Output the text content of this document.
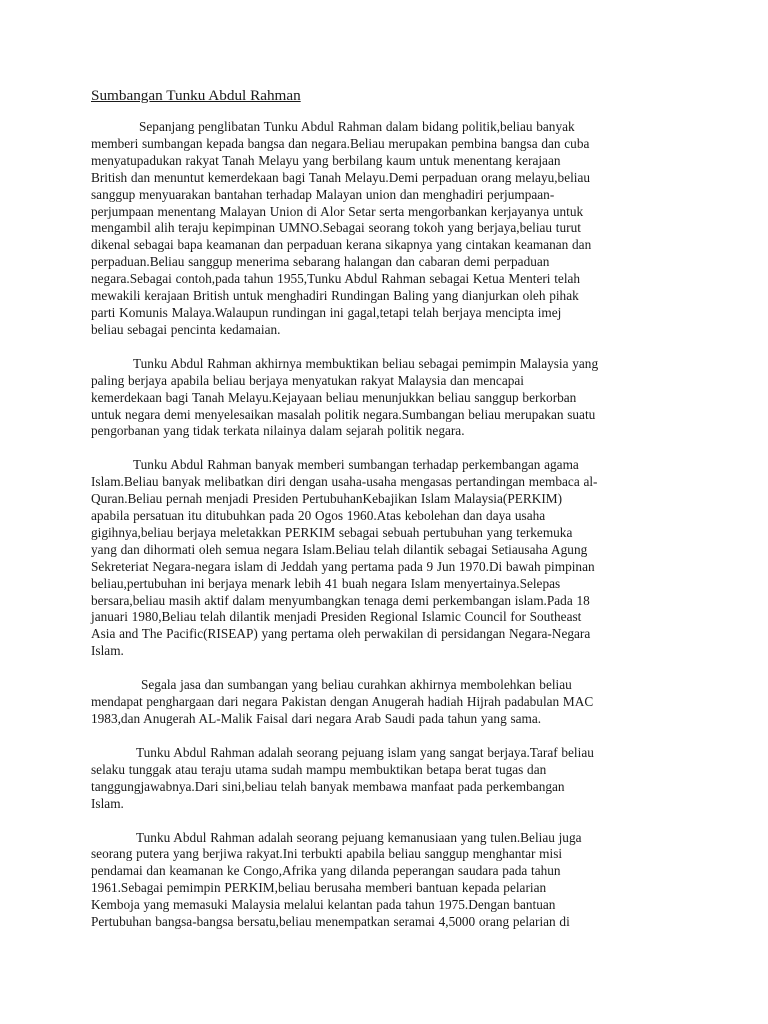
Sumbangan Tunku Abdul Rahman
Sepanjang penglibatan Tunku Abdul Rahman dalam bidang politik,beliau banyak
memberi sumbangan kepada bangsa dan negara.Beliau merupakan pembina bangsa dan cuba
menyatupadukan rakyat Tanah Melayu yang berbilang kaum untuk menentang kerajaan
British dan menuntut kemerdekaan bagi Tanah Melayu.Demi perpaduan orang melayu,beliau
sanggup menyuarakan bantahan terhadap Malayan union dan menghadiri perjumpaan-
perjumpaan menentang Malayan Union di Alor Setar serta mengorbankan kerjayanya untuk
mengambil alih teraju kepimpinan UMNO.Sebagai seorang tokoh yang berjaya,beliau turut
dikenal sebagai bapa keamanan dan perpaduan kerana sikapnya yang cintakan keamanan dan
perpaduan.Beliau sanggup menerima sebarang halangan dan cabaran demi perpaduan
negara.Sebagai contoh,pada tahun 1955,Tunku Abdul Rahman sebagai Ketua Menteri telah
mewakili kerajaan British untuk menghadiri Rundingan Baling yang dianjurkan oleh pihak
parti Komunis Malaya.Walaupun rundingan ini gagal,tetapi telah berjaya mencipta imej
beliau sebagai pencinta kedamaian.
Tunku Abdul Rahman akhirnya membuktikan beliau sebagai pemimpin Malaysia yang
paling berjaya apabila beliau berjaya menyatukan rakyat Malaysia dan mencapai
kemerdekaan bagi Tanah Melayu.Kejayaan beliau menunjukkan beliau sanggup berkorban
untuk negara demi menyelesaikan masalah politik negara.Sumbangan beliau merupakan suatu
pengorbanan yang tidak terkata nilainya dalam sejarah politik negara.
Tunku Abdul Rahman banyak memberi sumbangan terhadap perkembangan agama
Islam.Beliau banyak melibatkan diri dengan usaha-usaha mengasas pertandingan membaca al-
Quran.Beliau pernah menjadi Presiden PertubuhanKebajikan Islam Malaysia(PERKIM)
apabila persatuan itu ditubuhkan pada 20 Ogos 1960.Atas kebolehan dan daya usaha
gigihnya,beliau berjaya meletakkan PERKIM sebagai sebuah pertubuhan yang terkemuka
yang dan dihormati oleh semua negara Islam.Beliau telah dilantik sebagai Setiausaha Agung
Sekreteriat Negara-negara islam di Jeddah yang pertama pada 9 Jun 1970.Di bawah pimpinan
beliau,pertubuhan ini berjaya menark lebih 41 buah negara Islam menyertainya.Selepas
bersara,beliau masih aktif dalam menyumbangkan tenaga demi perkembangan islam.Pada 18
januari 1980,Beliau telah dilantik menjadi Presiden Regional Islamic Council for Southeast
Asia and The Pacific(RISEAP) yang pertama oleh perwakilan di persidangan Negara-Negara
Islam.
Segala jasa dan sumbangan yang beliau curahkan akhirnya membolehkan beliau
mendapat penghargaan dari negara Pakistan dengan Anugerah hadiah Hijrah padabulan MAC
1983,dan Anugerah AL-Malik Faisal dari negara Arab Saudi pada tahun yang sama.
Tunku Abdul Rahman adalah seorang pejuang islam yang sangat berjaya.Taraf beliau
selaku tunggak atau teraju utama sudah mampu membuktikan betapa berat tugas dan
tanggungjawabnya.Dari sini,beliau telah banyak membawa manfaat pada perkembangan
Islam.
Tunku Abdul Rahman adalah seorang pejuang kemanusiaan yang tulen.Beliau juga
seorang putera yang berjiwa rakyat.Ini terbukti apabila beliau sanggup menghantar misi
pendamai dan keamanan ke Congo,Afrika yang dilanda peperangan saudara pada tahun
1961.Sebagai pemimpin PERKIM,beliau berusaha memberi bantuan kepada pelarian
Kemboja yang memasuki Malaysia melalui kelantan pada tahun 1975.Dengan bantuan
Pertubuhan bangsa-bangsa bersatu,beliau menempatkan seramai 4,5000 orang pelarian di
